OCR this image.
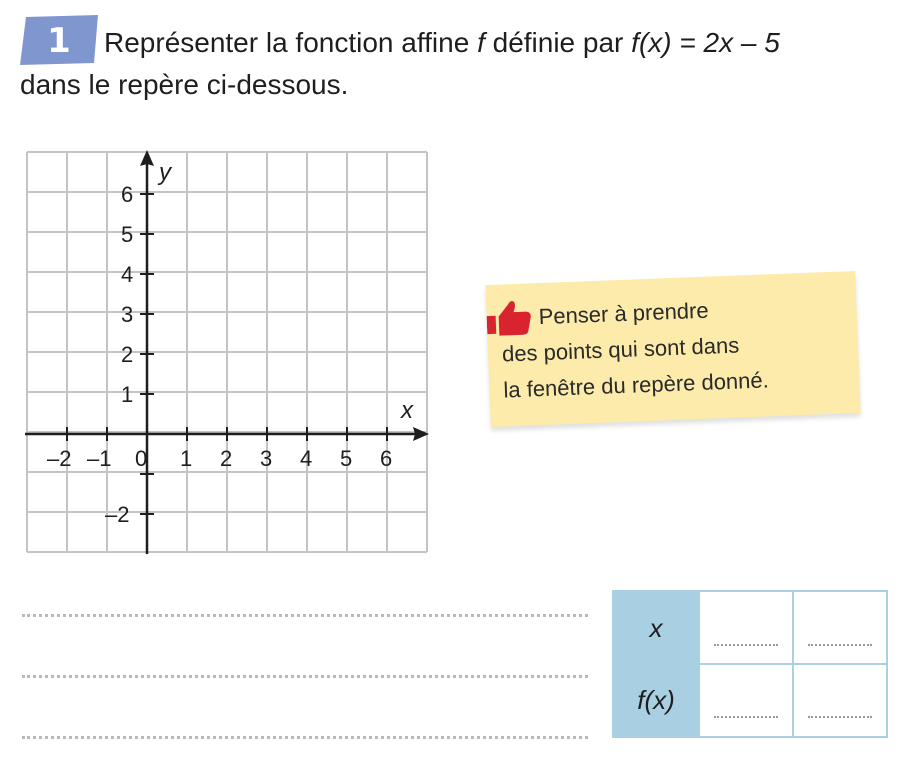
1	Représenter la fonction affine f définie par f(x) = 2x – 5
dans le repère ci-dessous.
x
y
–2 –1 0 1 2 3 4 5 6
6
5
4
3
2
1
–2
Penser à prendre
des points qui sont dans
la fenêtre du repère donné.
x
f(x)
